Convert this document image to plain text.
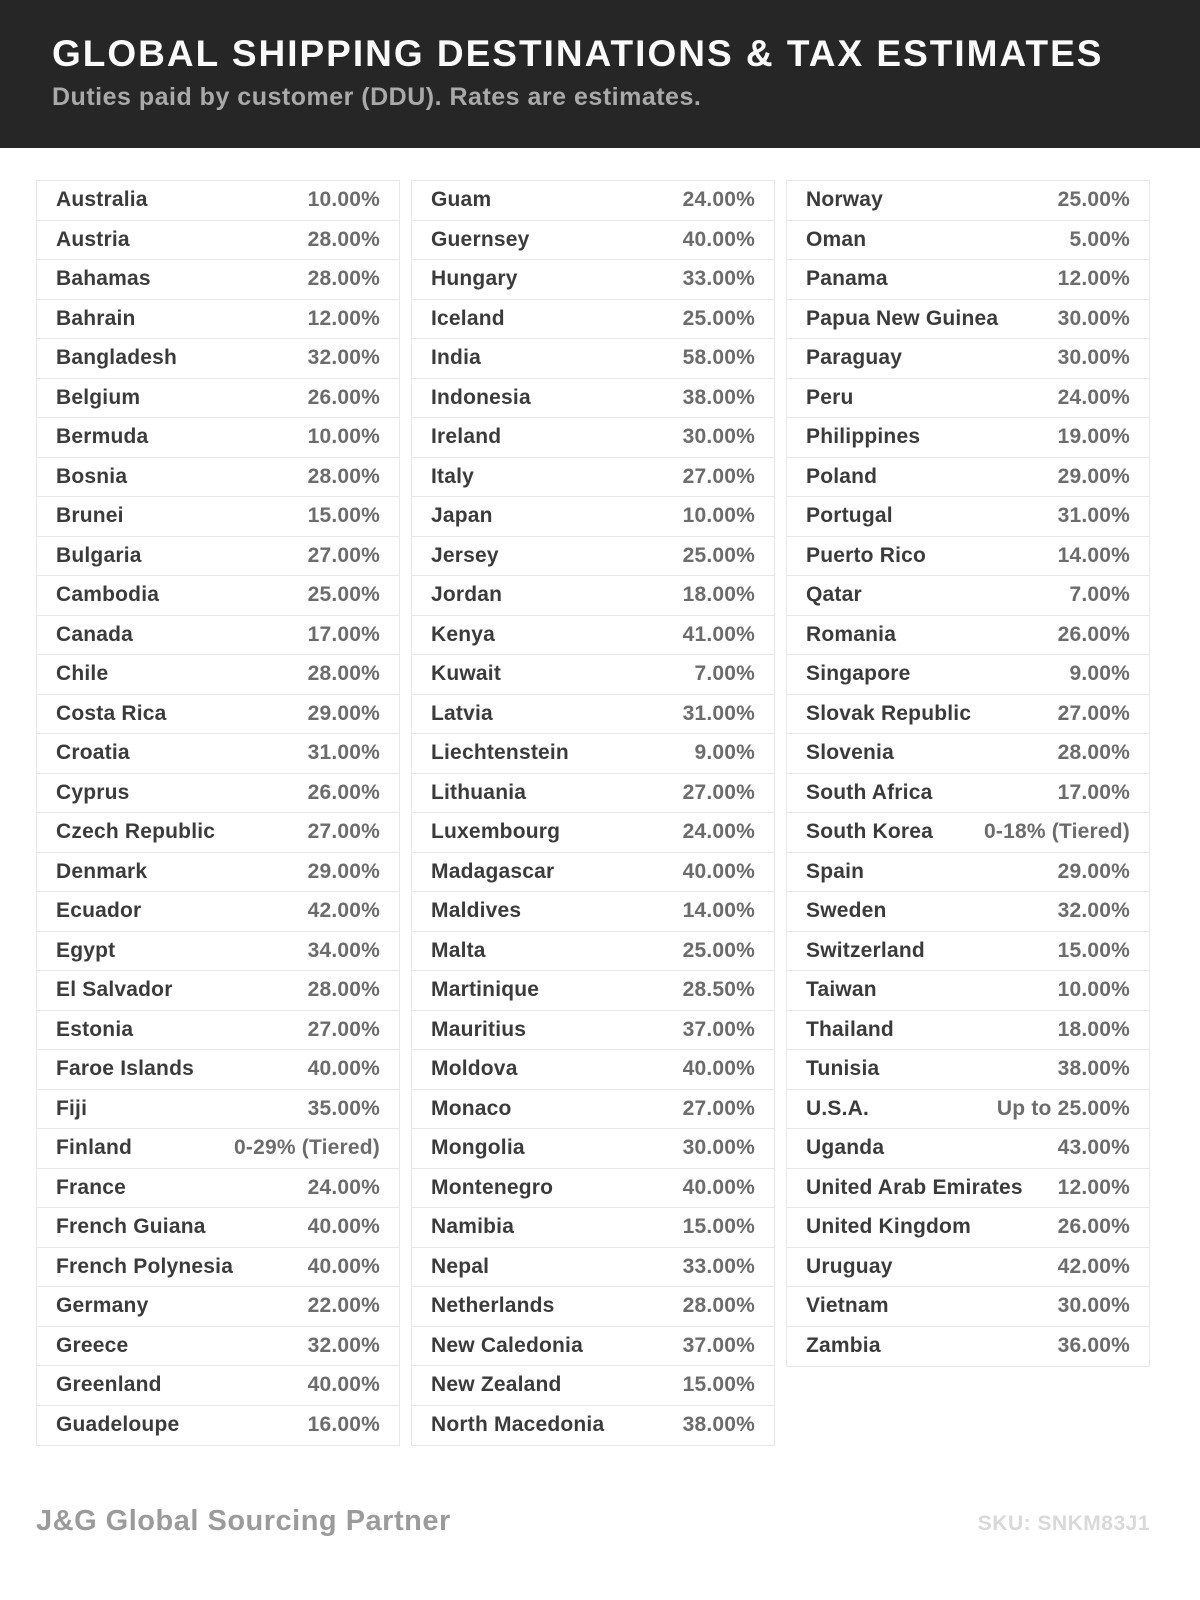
GLOBAL SHIPPING DESTINATIONS & TAX ESTIMATES
Duties paid by customer (DDU). Rates are estimates.
Australia	10.00%
Austria	28.00%
Bahamas	28.00%
Bahrain	12.00%
Bangladesh	32.00%
Belgium	26.00%
Bermuda	10.00%
Bosnia	28.00%
Brunei	15.00%
Bulgaria	27.00%
Cambodia	25.00%
Canada	17.00%
Chile	28.00%
Costa Rica	29.00%
Croatia	31.00%
Cyprus	26.00%
Czech Republic	27.00%
Denmark	29.00%
Ecuador	42.00%
Egypt	34.00%
El Salvador	28.00%
Estonia	27.00%
Faroe Islands	40.00%
Fiji	35.00%
Finland	0-29% (Tiered)
France	24.00%
French Guiana	40.00%
French Polynesia	40.00%
Germany	22.00%
Greece	32.00%
Greenland	40.00%
Guadeloupe	16.00%
Guam	24.00%
Guernsey	40.00%
Hungary	33.00%
Iceland	25.00%
India	58.00%
Indonesia	38.00%
Ireland	30.00%
Italy	27.00%
Japan	10.00%
Jersey	25.00%
Jordan	18.00%
Kenya	41.00%
Kuwait	7.00%
Latvia	31.00%
Liechtenstein	9.00%
Lithuania	27.00%
Luxembourg	24.00%
Madagascar	40.00%
Maldives	14.00%
Malta	25.00%
Martinique	28.50%
Mauritius	37.00%
Moldova	40.00%
Monaco	27.00%
Mongolia	30.00%
Montenegro	40.00%
Namibia	15.00%
Nepal	33.00%
Netherlands	28.00%
New Caledonia	37.00%
New Zealand	15.00%
North Macedonia	38.00%
Norway	25.00%
Oman	5.00%
Panama	12.00%
Papua New Guinea	30.00%
Paraguay	30.00%
Peru	24.00%
Philippines	19.00%
Poland	29.00%
Portugal	31.00%
Puerto Rico	14.00%
Qatar	7.00%
Romania	26.00%
Singapore	9.00%
Slovak Republic	27.00%
Slovenia	28.00%
South Africa	17.00%
South Korea 0-18% (Tiered)
Spain	29.00%
Sweden	32.00%
Switzerland	15.00%
Taiwan	10.00%
Thailand	18.00%
Tunisia	38.00%
U.S.A.	Up to 25.00%
Uganda	43.00%
United Arab Emirates 12.00%
United Kingdom	26.00%
Uruguay	42.00%
Vietnam	30.00%
Zambia	36.00%
J&G Global Sourcing Partner	SKU: SNKM83J1
